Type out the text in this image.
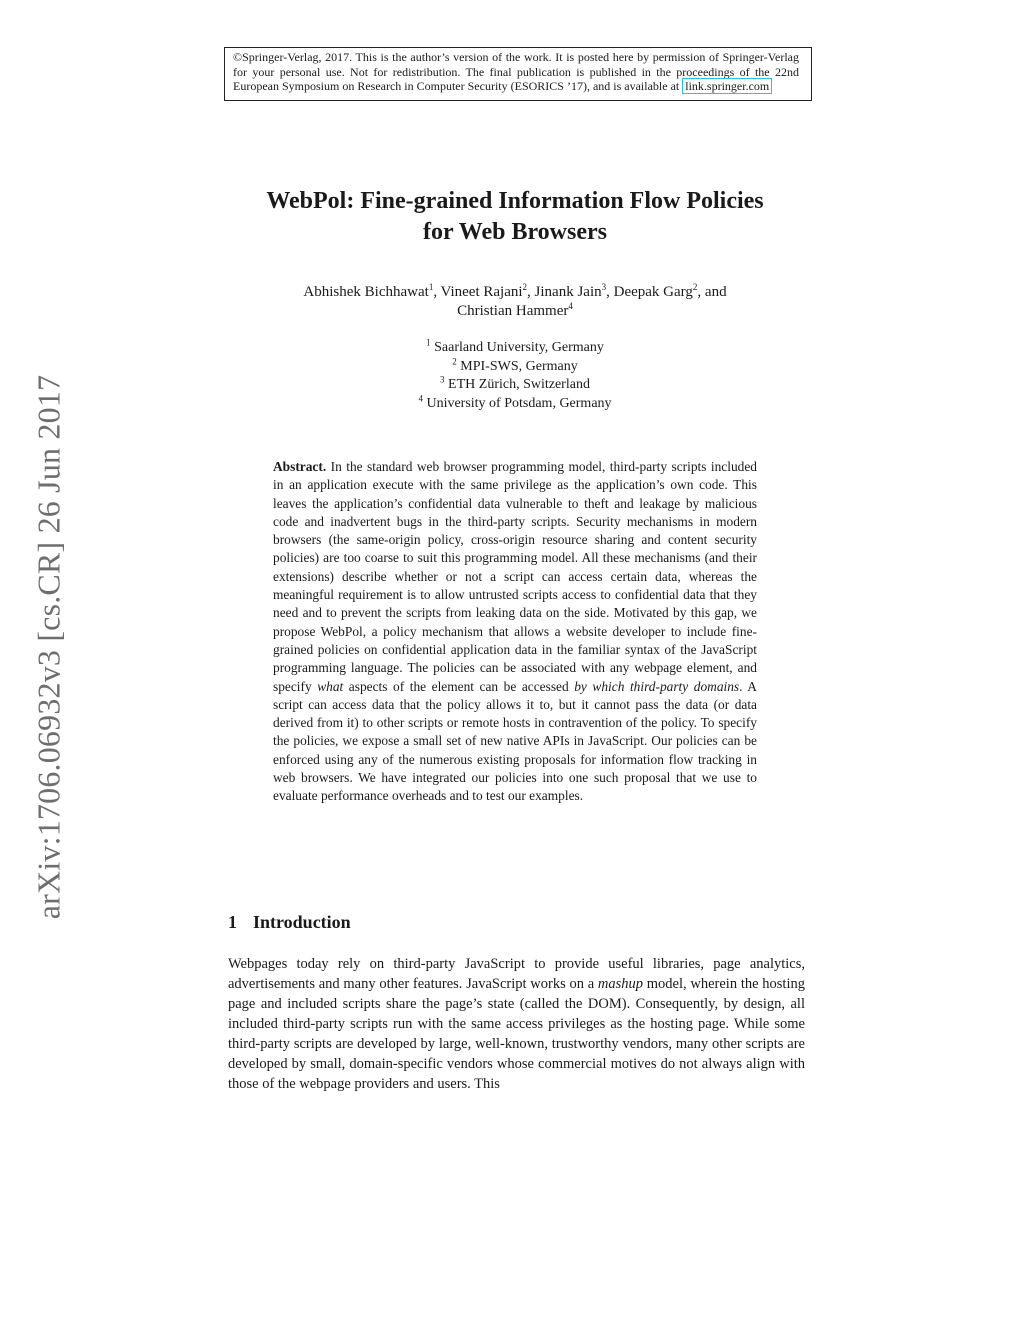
©Springer-Verlag, 2017. This is the author’s version of the work. It is posted here by permission of Springer-Verlag for your personal use. Not for redistribution. The final publication is published in the proceedings of the 22nd European Symposium on Research in Computer Security (ESORICS ’17), and is available at link.springer.com
arXiv:1706.06932v3 [cs.CR] 26 Jun 2017
WebPol: Fine-grained Information Flow Policies
for Web Browsers
Abhishek Bichhawat$^1$, Vineet Rajani$^2$, Jinank Jain$^3$, Deepak Garg$^2$, and
Christian Hammer$^4$
$^1$ Saarland University, Germany
$^2$ MPI-SWS, Germany
$^3$ ETH Zürich, Switzerland
$^4$ University of Potsdam, Germany
Abstract. In the standard web browser programming model, third-party scripts included in an application execute with the same privilege as the application’s own code. This leaves the application’s confidential data vulnerable to theft and leakage by malicious code and inadvertent bugs in the third-party scripts. Security mechanisms in modern browsers (the same-origin policy, cross-origin resource sharing and content security policies) are too coarse to suit this programming model. All these mechanisms (and their extensions) describe whether or not a script can access certain data, whereas the meaningful requirement is to allow untrusted scripts access to confidential data that they need and to prevent the scripts from leaking data on the side. Motivated by this gap, we propose WebPol, a policy mechanism that allows a website developer to include fine-grained policies on confidential application data in the familiar syntax of the JavaScript programming language. The policies can be associated with any webpage element, and specify what aspects of the element can be accessed by which third-party domains. A script can access data that the policy allows it to, but it cannot pass the data (or data derived from it) to other scripts or remote hosts in contravention of the policy. To specify the policies, we expose a small set of new native APIs in JavaScript. Our policies can be enforced using any of the numerous existing proposals for information flow tracking in web browsers. We have integrated our policies into one such proposal that we use to evaluate performance overheads and to test our examples.
1 Introduction
Webpages today rely on third-party JavaScript to provide useful libraries, page analytics, advertisements and many other features. JavaScript works on a mashup model, wherein the hosting page and included scripts share the page’s state (called the DOM). Consequently, by design, all included third-party scripts run with the same access privileges as the hosting page. While some third-party scripts are developed by large, well-known, trustworthy vendors, many other scripts are developed by small, domain-specific vendors whose commercial motives do not always align with those of the webpage providers and users. This
